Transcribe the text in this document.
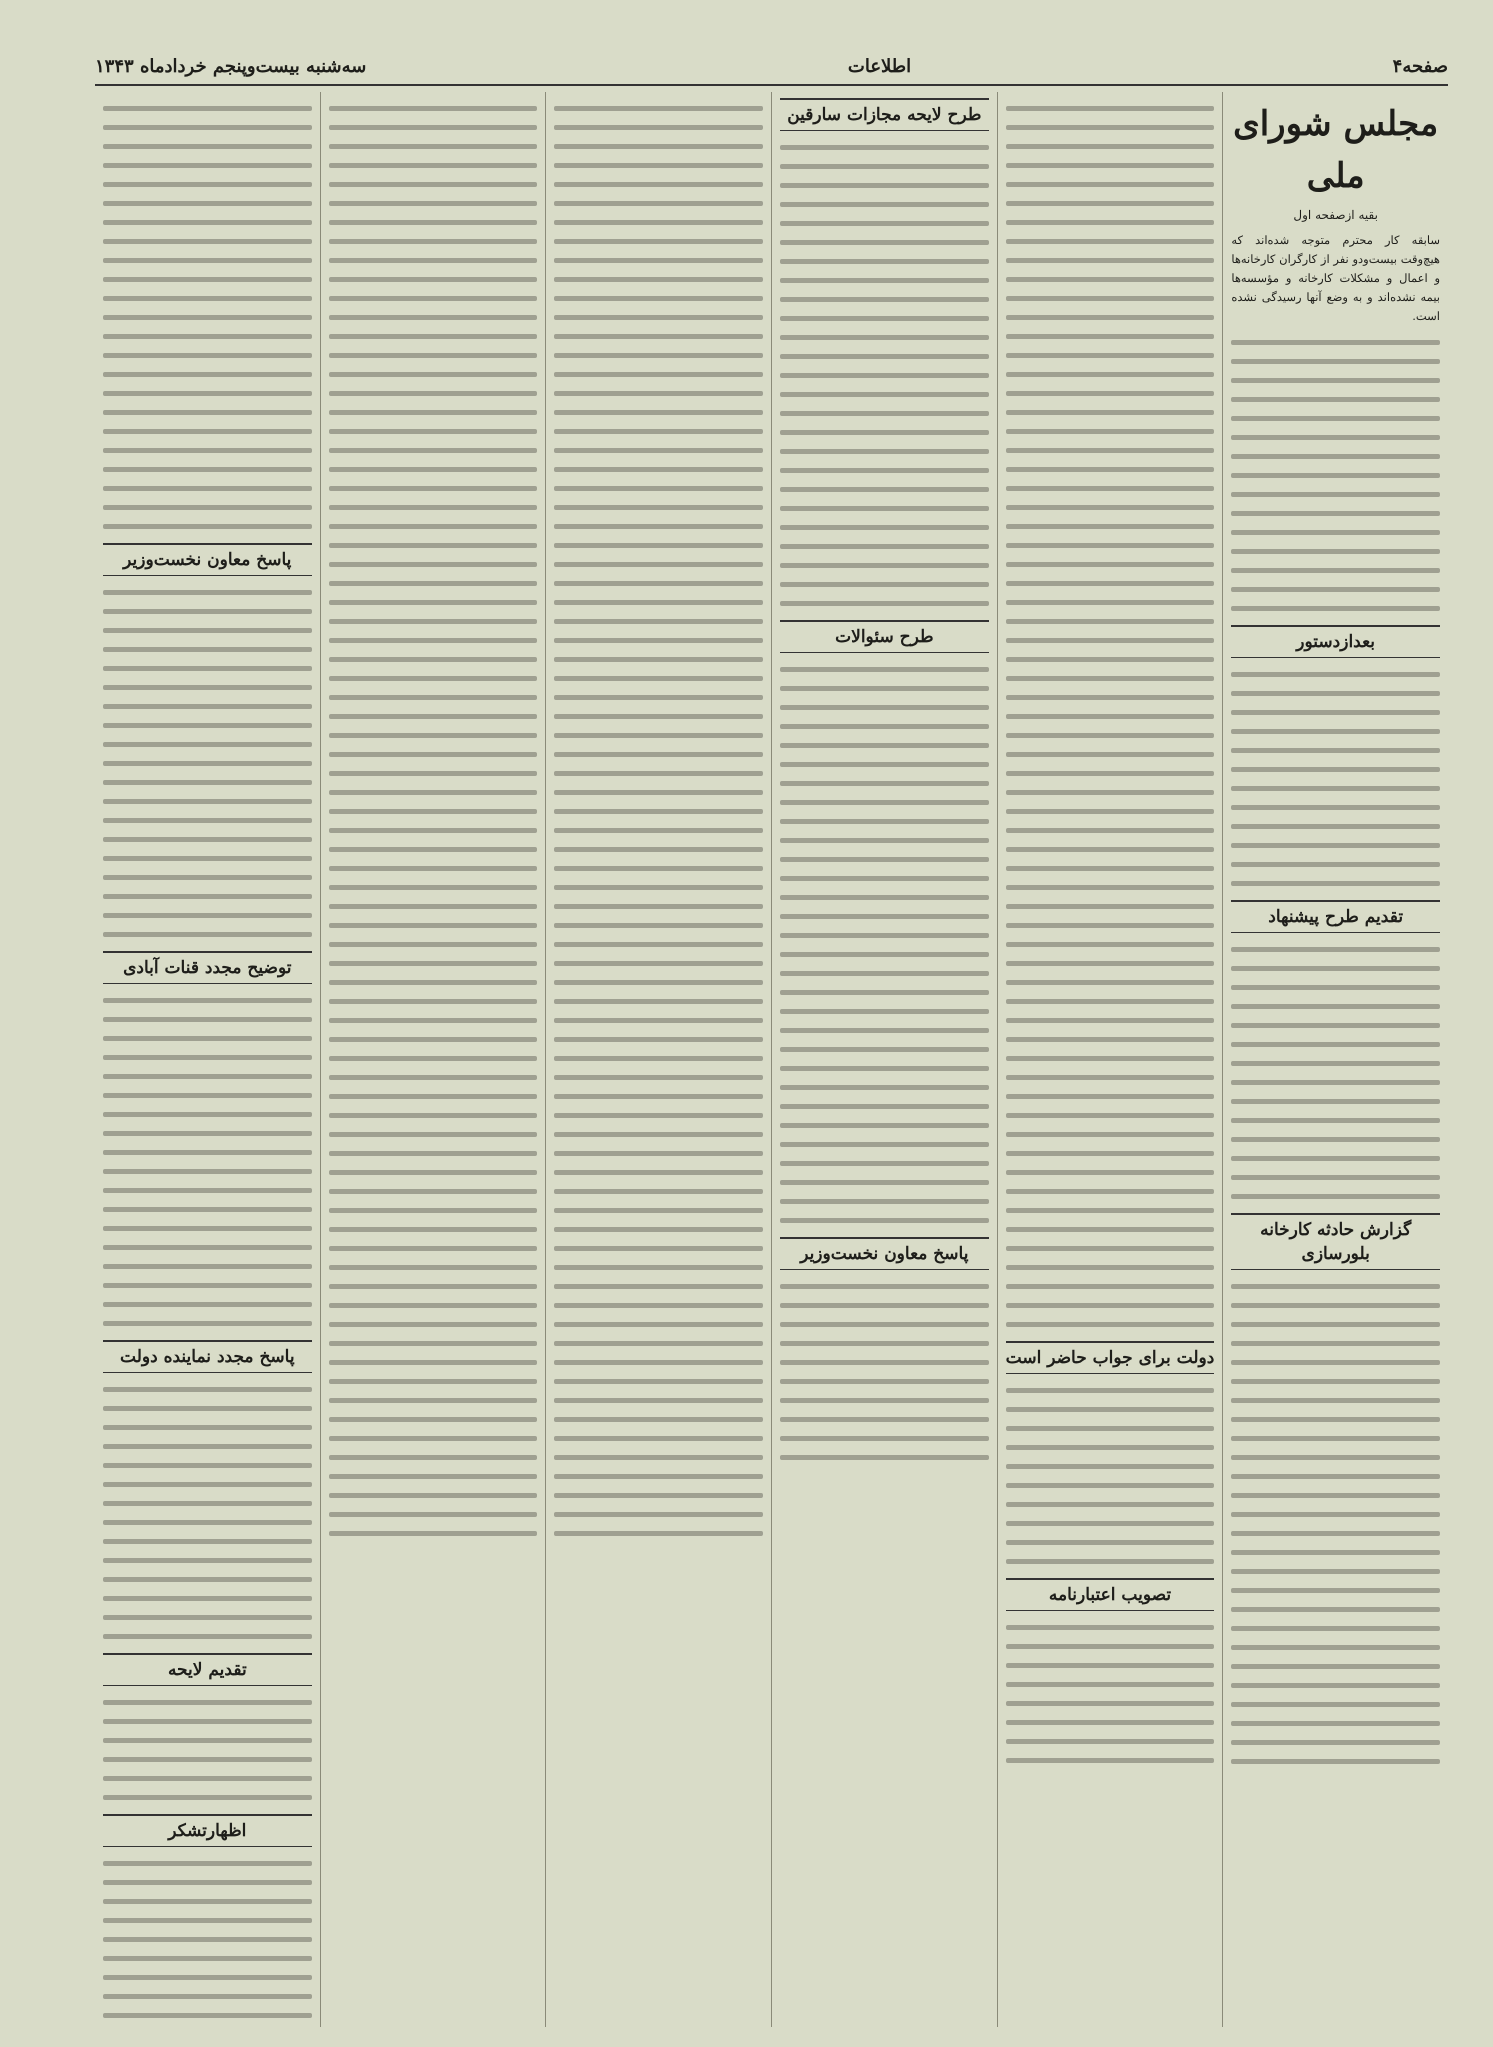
صفحه۴
اطلاعات
سه‌شنبه بیست‌وپنجم خرداد‌ماه ۱۳۴۳
مجلس شورای ملی
بقیه ازصفحه اول

سابقه کار محترم متوجه شده‌اند که هیچ‌وقت بیست‌ودو نفر از کارگران کارخانه‌ها و اعمال و مشکلات کارخانه و مؤسسه‌ها بیمه نشده‌اند و به وضع آنها رسیدگی نشده است.

بعدازدستور
تقدیم طرح پیشنهاد
گزارش حادثه کارخانه بلورسازی
دولت برای جواب حاضر است
تصویب اعتبارنامه
طرح لایحه مجازات سارقین
طرح سئوالات
پاسخ معاون نخست‌وزیر
پاسخ معاون نخست‌وزیر
توضیح مجدد قنات آبادی
پاسخ مجدد نماینده دولت
تقدیم لایحه
اظهارتشکر
